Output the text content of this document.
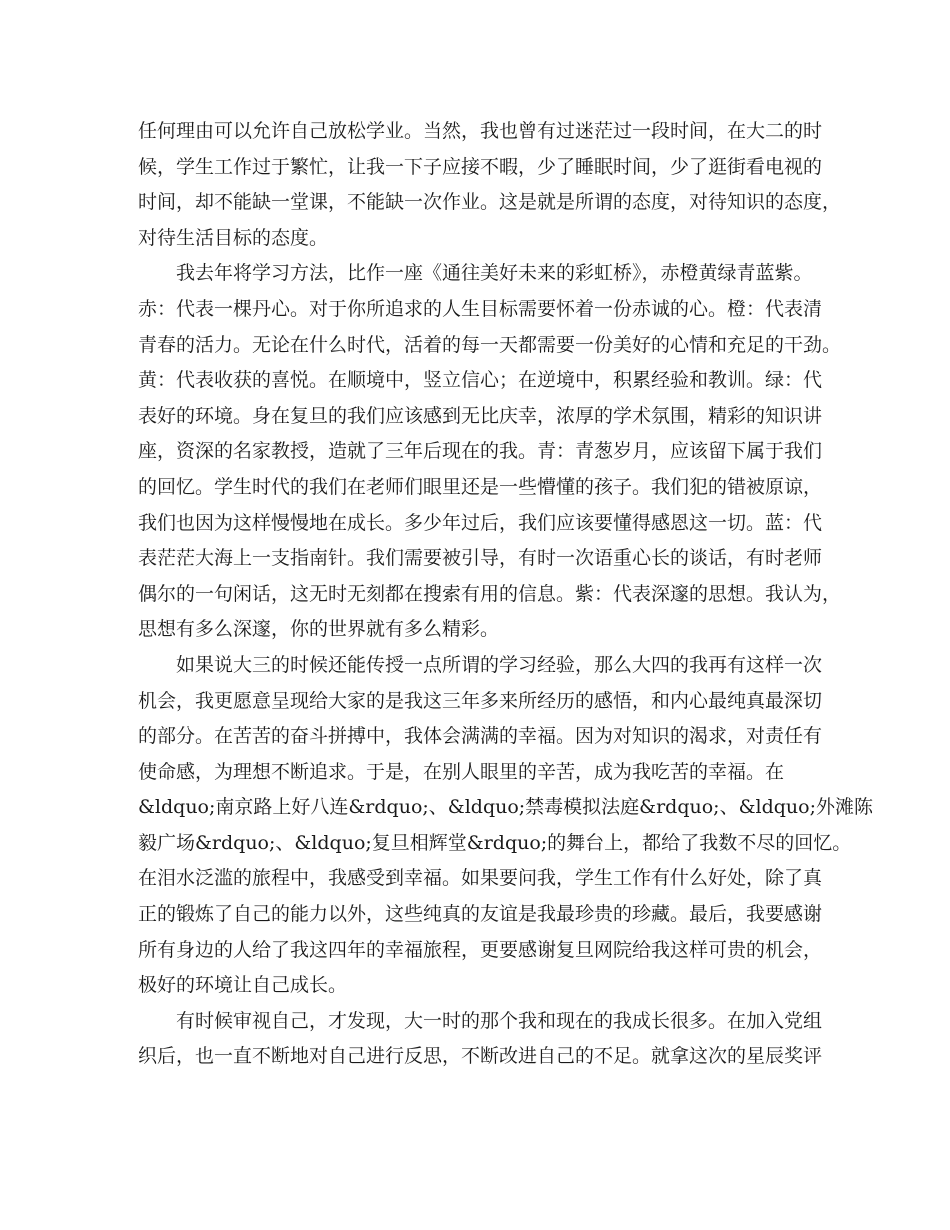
任何理由可以允许自己放松学业。当然，我也曾有过迷茫过一段时间，在大二的时
候，学生工作过于繁忙，让我一下子应接不暇，少了睡眠时间，少了逛街看电视的
时间，却不能缺一堂课，不能缺一次作业。这是就是所谓的态度，对待知识的态度，
对待生活目标的态度。
我去年将学习方法，比作一座《通往美好未来的彩虹桥》，赤橙黄绿青蓝紫。
赤：代表一棵丹心。对于你所追求的人生目标需要怀着一份赤诚的心。橙：代表清
青春的活力。无论在什么时代，活着的每一天都需要一份美好的心情和充足的干劲。
黄：代表收获的喜悦。在顺境中，竖立信心；在逆境中，积累经验和教训。绿：代
表好的环境。身在复旦的我们应该感到无比庆幸，浓厚的学术氛围，精彩的知识讲
座，资深的名家教授，造就了三年后现在的我。青：青葱岁月，应该留下属于我们
的回忆。学生时代的我们在老师们眼里还是一些懵懂的孩子。我们犯的错被原谅，
我们也因为这样慢慢地在成长。多少年过后，我们应该要懂得感恩这一切。蓝：代
表茫茫大海上一支指南针。我们需要被引导，有时一次语重心长的谈话，有时老师
偶尔的一句闲话，这无时无刻都在搜索有用的信息。紫：代表深邃的思想。我认为，
思想有多么深邃，你的世界就有多么精彩。
如果说大三的时候还能传授一点所谓的学习经验，那么大四的我再有这样一次
机会，我更愿意呈现给大家的是我这三年多来所经历的感悟，和内心最纯真最深切
的部分。在苦苦的奋斗拼搏中，我体会满满的幸福。因为对知识的渴求，对责任有
使命感，为理想不断追求。于是，在别人眼里的辛苦，成为我吃苦的幸福。在
&ldquo;南京路上好八连&rdquo;、&ldquo;禁毒模拟法庭&rdquo;、&ldquo;外滩陈
毅广场&rdquo;、&ldquo;复旦相辉堂&rdquo;的舞台上，都给了我数不尽的回忆。
在泪水泛滥的旅程中，我感受到幸福。如果要问我，学生工作有什么好处，除了真
正的锻炼了自己的能力以外，这些纯真的友谊是我最珍贵的珍藏。最后，我要感谢
所有身边的人给了我这四年的幸福旅程，更要感谢复旦网院给我这样可贵的机会，
极好的环境让自己成长。
有时候审视自己，才发现，大一时的那个我和现在的我成长很多。在加入党组
织后，也一直不断地对自己进行反思，不断改进自己的不足。就拿这次的星辰奖评
